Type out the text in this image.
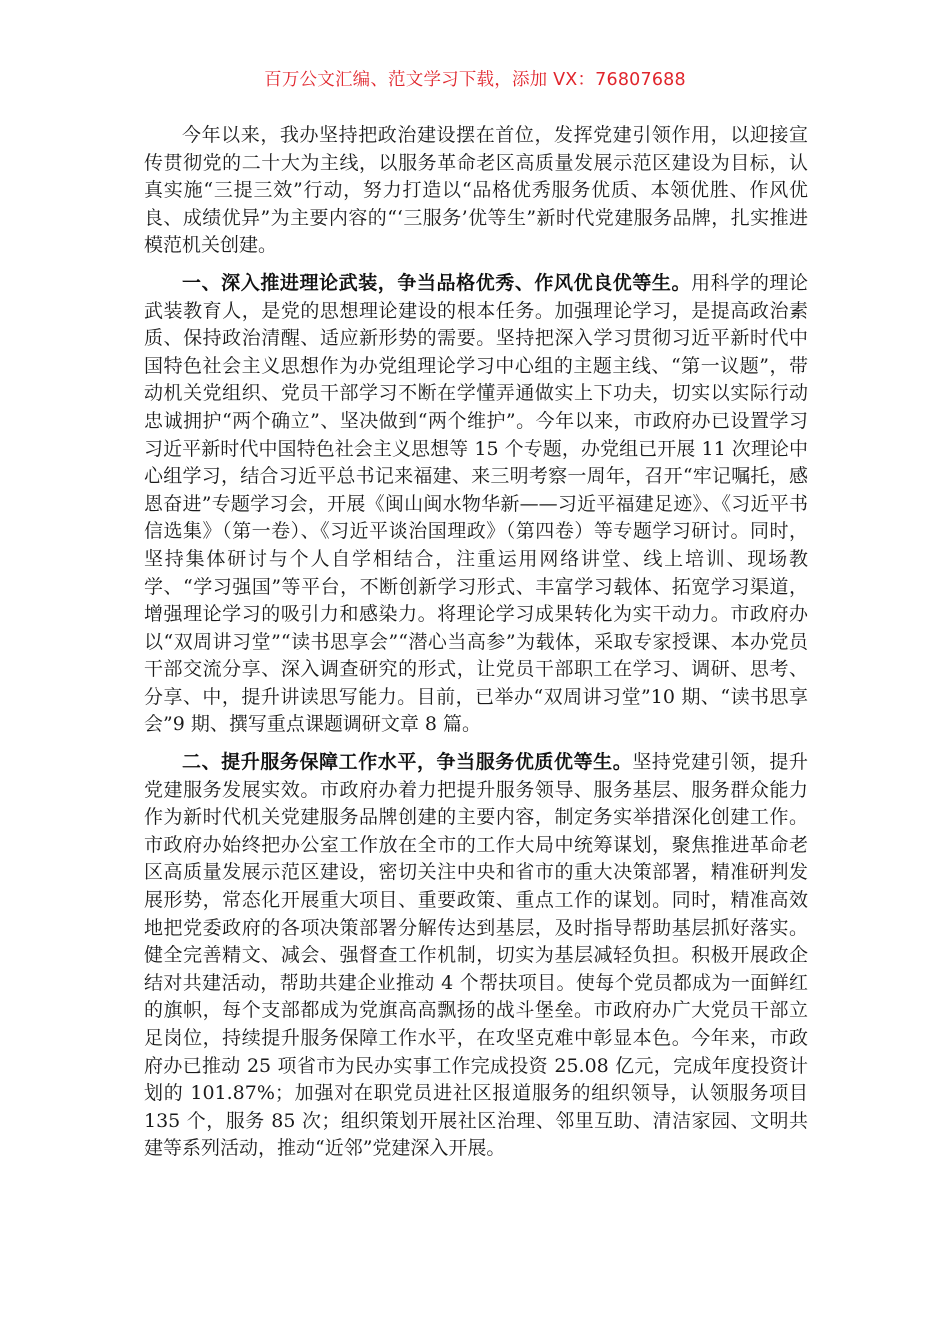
百万公文汇编、范文学习下载，添加 VX：76807688

今年以来，我办坚持把政治建设摆在首位，发挥党建引领作用，以迎接宣传贯彻党的二十大为主线，以服务革命老区高质量发展示范区建设为目标，认真实施“三提三效”行动，努力打造以“品格优秀服务优质、本领优胜、作风优良、成绩优异”为主要内容的“‘三服务’优等生”新时代党建服务品牌，扎实推进模范机关创建。

一、深入推进理论武装，争当品格优秀、作风优良优等生。用科学的理论武装教育人，是党的思想理论建设的根本任务。加强理论学习，是提高政治素质、保持政治清醒、适应新形势的需要。坚持把深入学习贯彻习近平新时代中国特色社会主义思想作为办党组理论学习中心组的主题主线、“第一议题”，带动机关党组织、党员干部学习不断在学懂弄通做实上下功夫，切实以实际行动忠诚拥护“两个确立”、坚决做到“两个维护”。今年以来，市政府办已设置学习习近平新时代中国特色社会主义思想等 15 个专题，办党组已开展 11 次理论中心组学习，结合习近平总书记来福建、来三明考察一周年，召开“牢记嘱托，感恩奋进”专题学习会，开展《闽山闽水物华新——习近平福建足迹》、《习近平书信选集》（第一卷）、《习近平谈治国理政》（第四卷）等专题学习研讨。同时，坚持集体研讨与个人自学相结合，注重运用网络讲堂、线上培训、现场教学、“学习强国”等平台，不断创新学习形式、丰富学习载体、拓宽学习渠道，增强理论学习的吸引力和感染力。将理论学习成果转化为实干动力。市政府办以“双周讲习堂”“读书思享会”“潜心当高参”为载体，采取专家授课、本办党员干部交流分享、深入调查研究的形式，让党员干部职工在学习、调研、思考、分享、中，提升讲读思写能力。目前，已举办“双周讲习堂”10 期、“读书思享会”9 期、撰写重点课题调研文章 8 篇。

二、提升服务保障工作水平，争当服务优质优等生。坚持党建引领，提升党建服务发展实效。市政府办着力把提升服务领导、服务基层、服务群众能力作为新时代机关党建服务品牌创建的主要内容，制定务实举措深化创建工作。市政府办始终把办公室工作放在全市的工作大局中统筹谋划，聚焦推进革命老区高质量发展示范区建设，密切关注中央和省市的重大决策部署，精准研判发展形势，常态化开展重大项目、重要政策、重点工作的谋划。同时，精准高效地把党委政府的各项决策部署分解传达到基层，及时指导帮助基层抓好落实。健全完善精文、减会、强督查工作机制，切实为基层减轻负担。积极开展政企结对共建活动，帮助共建企业推动 4 个帮扶项目。使每个党员都成为一面鲜红的旗帜，每个支部都成为党旗高高飘扬的战斗堡垒。市政府办广大党员干部立足岗位，持续提升服务保障工作水平，在攻坚克难中彰显本色。今年来，市政府办已推动 25 项省市为民办实事工作完成投资 25.08 亿元，完成年度投资计划的 101.87%；加强对在职党员进社区报道服务的组织领导，认领服务项目 135 个，服务 85 次；组织策划开展社区治理、邻里互助、清洁家园、文明共建等系列活动，推动“近邻”党建深入开展。
